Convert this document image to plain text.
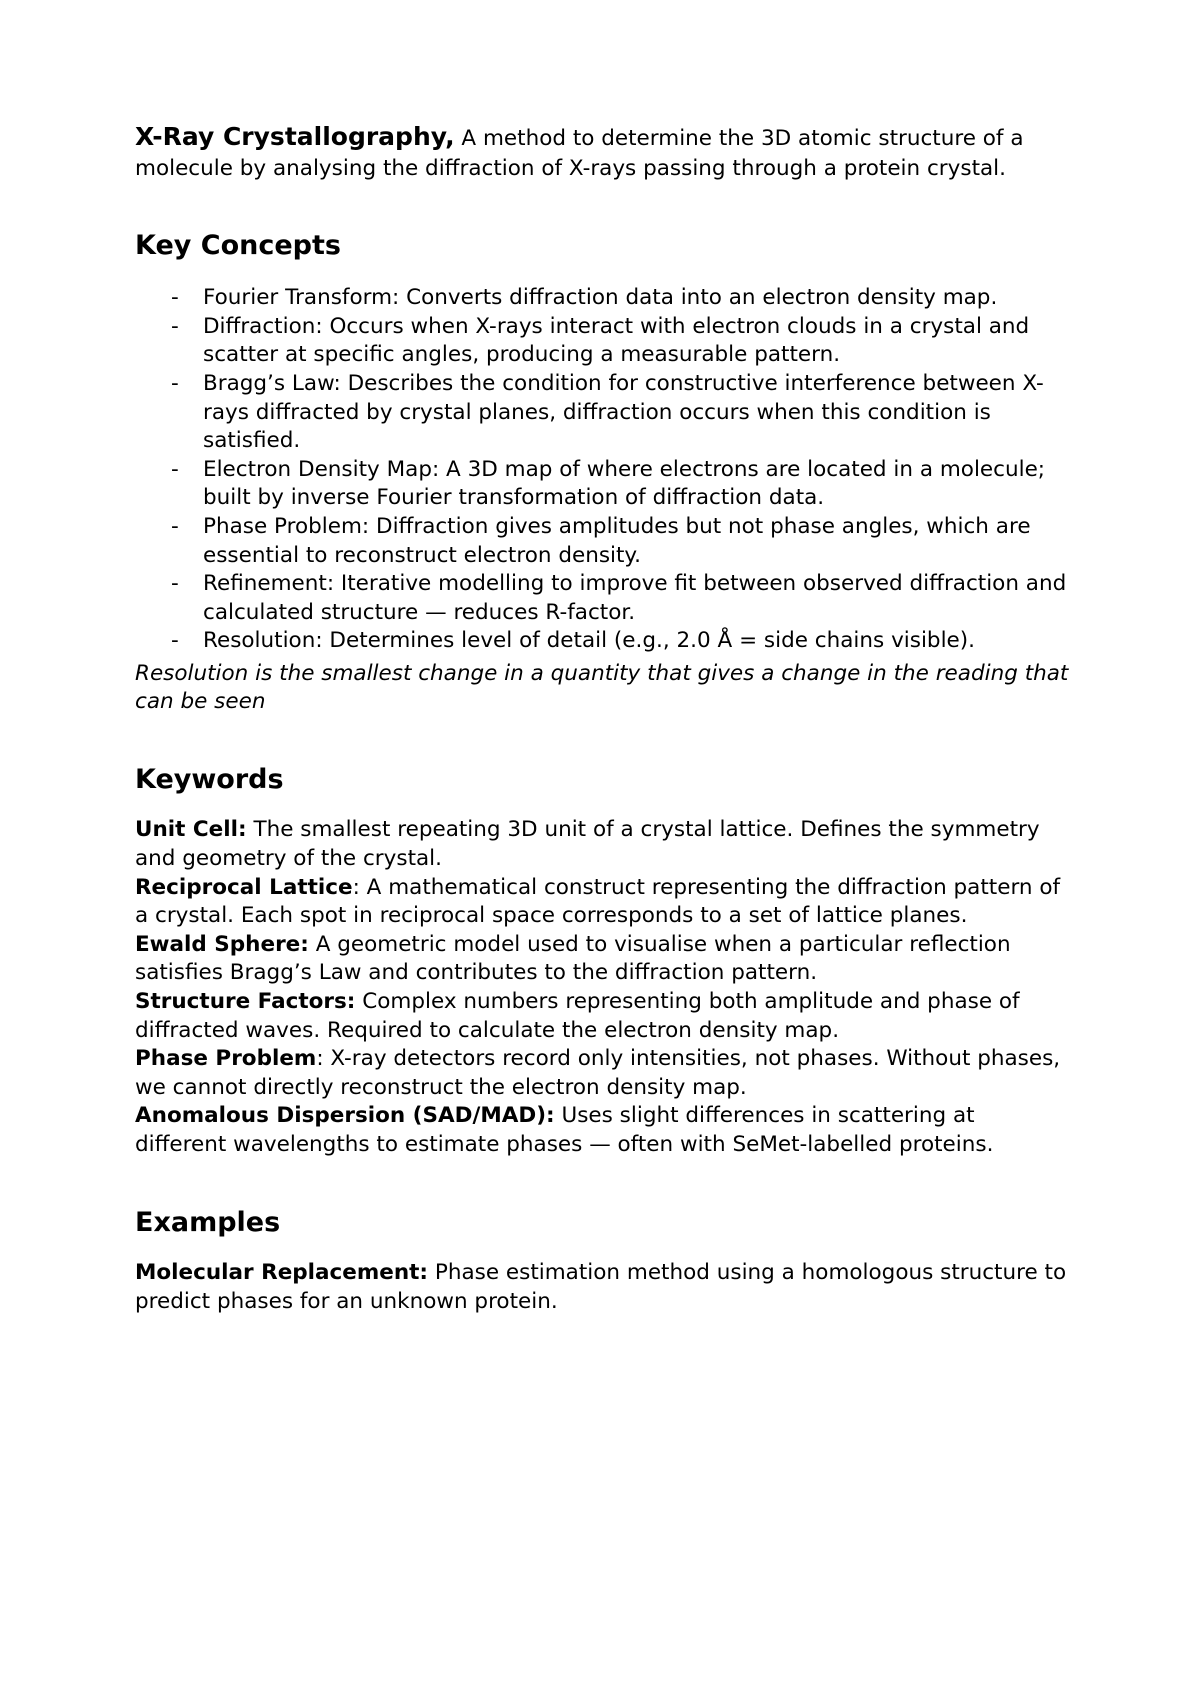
X-Ray Crystallography, A method to determine the 3D atomic structure of a molecule by analysing the diffraction of X-rays passing through a protein crystal.

Key Concepts
- Fourier Transform: Converts diffraction data into an electron density map.
- Diffraction: Occurs when X-rays interact with electron clouds in a crystal and scatter at specific angles, producing a measurable pattern.
- Bragg’s Law: Describes the condition for constructive interference between X-rays diffracted by crystal planes, diffraction occurs when this condition is satisfied.
- Electron Density Map: A 3D map of where electrons are located in a molecule; built by inverse Fourier transformation of diffraction data.
- Phase Problem: Diffraction gives amplitudes but not phase angles, which are essential to reconstruct electron density.
- Refinement: Iterative modelling to improve fit between observed diffraction and calculated structure — reduces R-factor.
- Resolution: Determines level of detail (e.g., 2.0 Å = side chains visible).

Resolution is the smallest change in a quantity that gives a change in the reading that can be seen

Keywords

Unit Cell: The smallest repeating 3D unit of a crystal lattice. Defines the symmetry and geometry of the crystal.

Reciprocal Lattice: A mathematical construct representing the diffraction pattern of a crystal. Each spot in reciprocal space corresponds to a set of lattice planes.

Ewald Sphere: A geometric model used to visualise when a particular reflection satisfies Bragg’s Law and contributes to the diffraction pattern.

Structure Factors: Complex numbers representing both amplitude and phase of diffracted waves. Required to calculate the electron density map.

Phase Problem: X-ray detectors record only intensities, not phases. Without phases, we cannot directly reconstruct the electron density map.

Anomalous Dispersion (SAD/MAD): Uses slight differences in scattering at different wavelengths to estimate phases — often with SeMet-labelled proteins.

Examples

Molecular Replacement: Phase estimation method using a homologous structure to predict phases for an unknown protein.
